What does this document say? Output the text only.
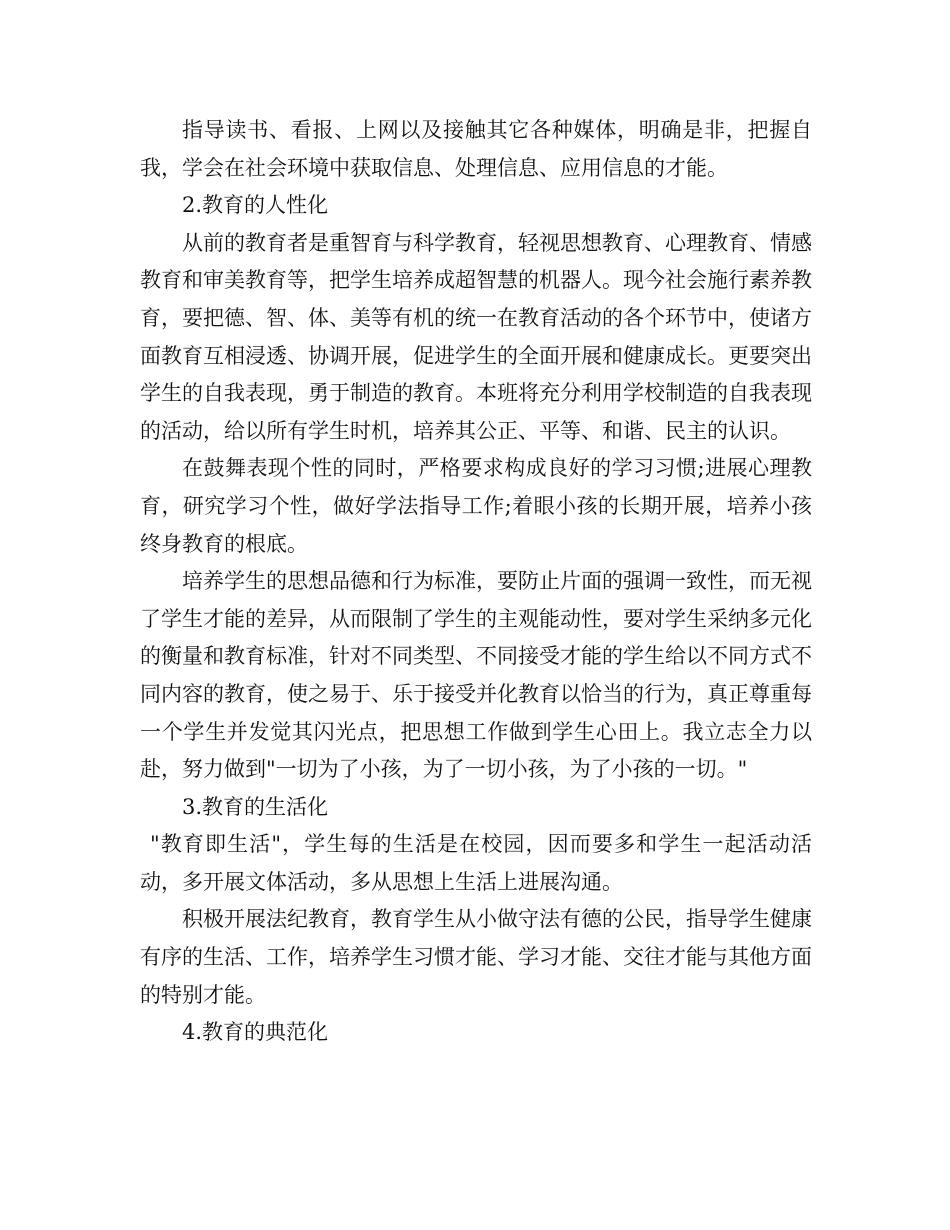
指导读书、看报、上网以及接触其它各种媒体，明确是非，把握自我，学会在社会环境中获取信息、处理信息、应用信息的才能。

2.教育的人性化

从前的教育者是重智育与科学教育，轻视思想教育、心理教育、情感教育和审美教育等，把学生培养成超智慧的机器人。现今社会施行素养教育，要把德、智、体、美等有机的统一在教育活动的各个环节中，使诸方面教育互相浸透、协调开展，促进学生的全面开展和健康成长。更要突出学生的自我表现，勇于制造的教育。本班将充分利用学校制造的自我表现的活动，给以所有学生时机，培养其公正、平等、和谐、民主的认识。

在鼓舞表现个性的同时，严格要求构成良好的学习习惯;进展心理教育，研究学习个性，做好学法指导工作;着眼小孩的长期开展，培养小孩终身教育的根底。

培养学生的思想品德和行为标准，要防止片面的强调一致性，而无视了学生才能的差异，从而限制了学生的主观能动性，要对学生采纳多元化的衡量和教育标准，针对不同类型、不同接受才能的学生给以不同方式不同内容的教育，使之易于、乐于接受并化教育以恰当的行为，真正尊重每一个学生并发觉其闪光点，把思想工作做到学生心田上。我立志全力以赴，努力做到"一切为了小孩，为了一切小孩，为了小孩的一切。"

3.教育的生活化

"教育即生活"，学生每的生活是在校园，因而要多和学生一起活动活动，多开展文体活动，多从思想上生活上进展沟通。

积极开展法纪教育，教育学生从小做守法有德的公民，指导学生健康有序的生活、工作，培养学生习惯才能、学习才能、交往才能与其他方面的特别才能。

4.教育的典范化
